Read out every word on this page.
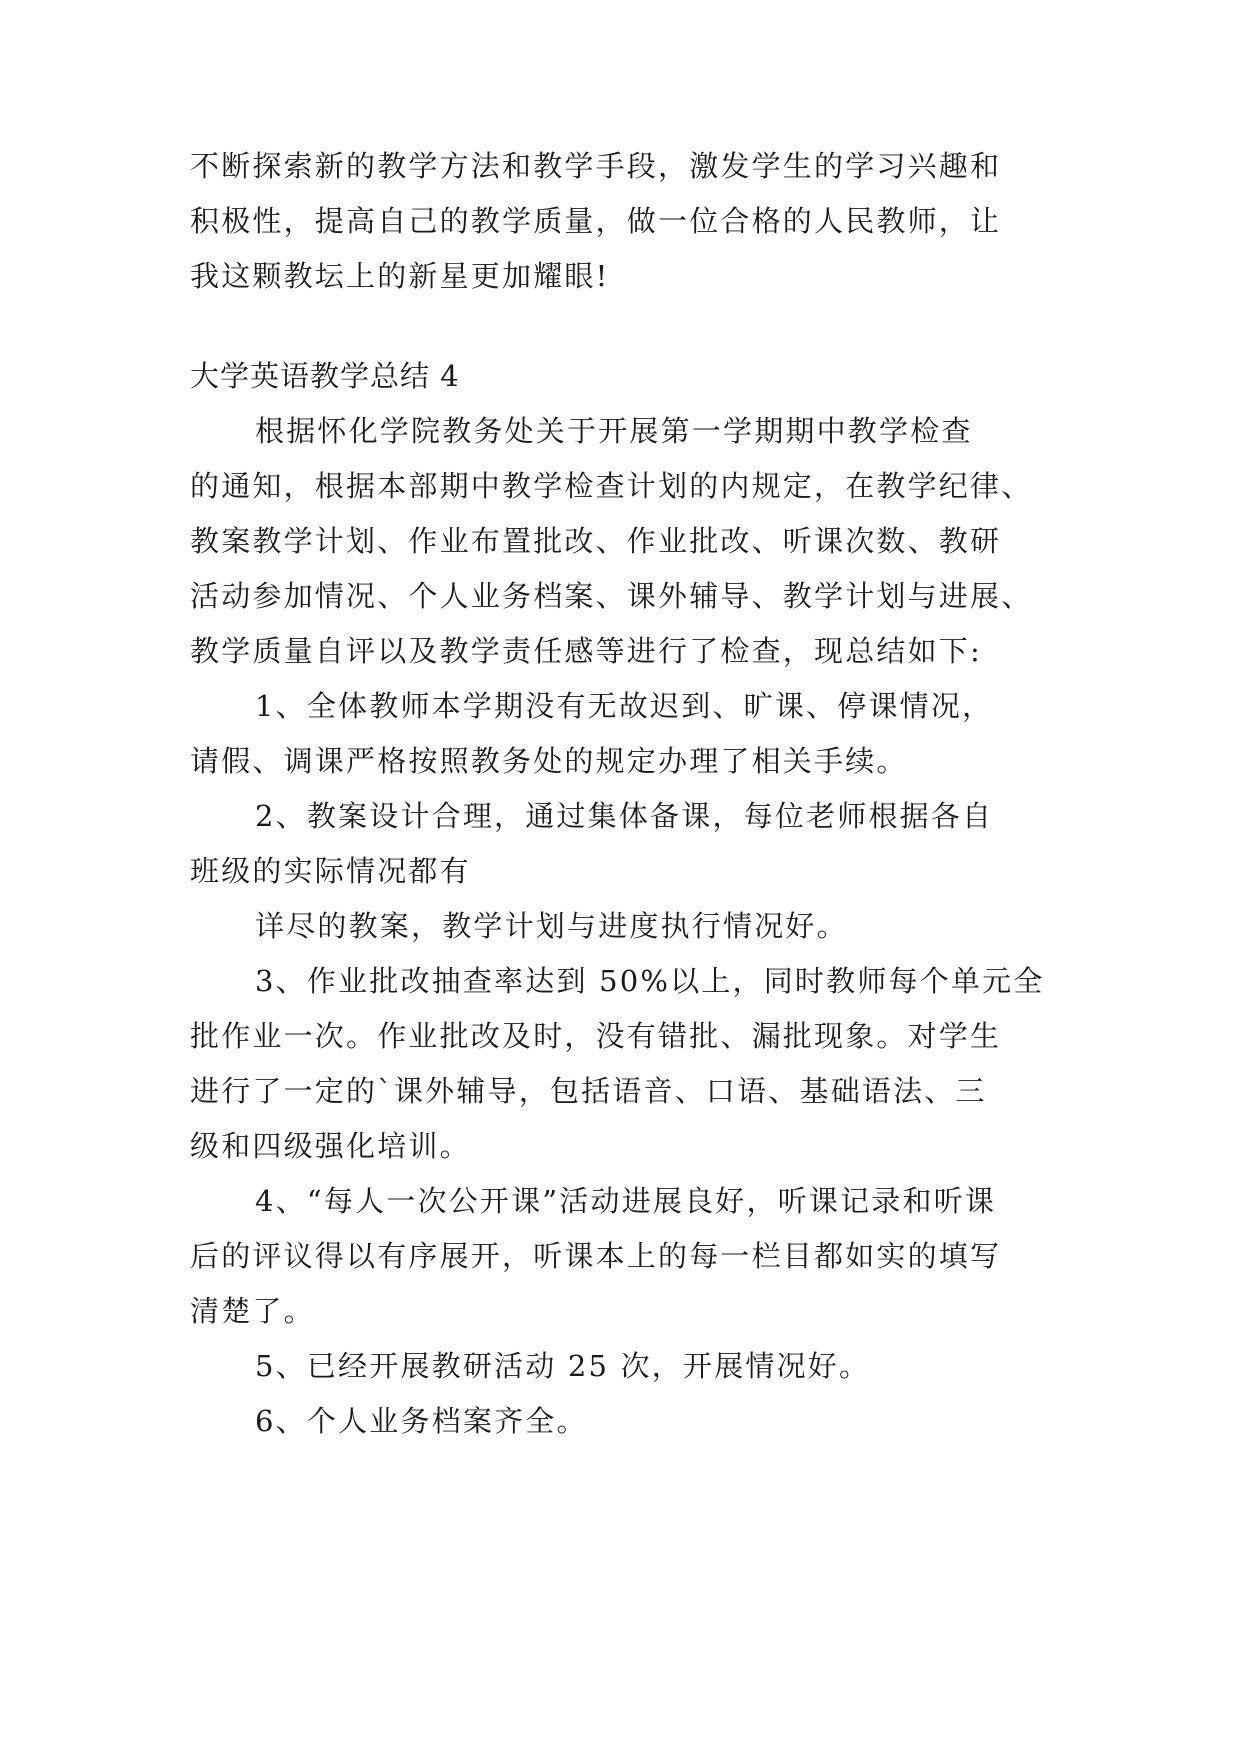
不断探索新的教学方法和教学手段，激发学生的学习兴趣和
积极性，提高自己的教学质量，做一位合格的人民教师，让
我这颗教坛上的新星更加耀眼!
大学英语教学总结 4
根据怀化学院教务处关于开展第一学期期中教学检查
的通知，根据本部期中教学检查计划的内规定，在教学纪律、
教案教学计划、作业布置批改、作业批改、听课次数、教研
活动参加情况、个人业务档案、课外辅导、教学计划与进展、
教学质量自评以及教学责任感等进行了检查，现总结如下:
1、全体教师本学期没有无故迟到、旷课、停课情况，
请假、调课严格按照教务处的规定办理了相关手续。
2、教案设计合理，通过集体备课，每位老师根据各自
班级的实际情况都有
详尽的教案，教学计划与进度执行情况好。
3、作业批改抽查率达到 50%以上，同时教师每个单元全
批作业一次。作业批改及时，没有错批、漏批现象。对学生
进行了一定的`课外辅导，包括语音、口语、基础语法、三
级和四级强化培训。
4、“每人一次公开课”活动进展良好，听课记录和听课
后的评议得以有序展开，听课本上的每一栏目都如实的填写
清楚了。
5、已经开展教研活动 25 次，开展情况好。
6、个人业务档案齐全。
